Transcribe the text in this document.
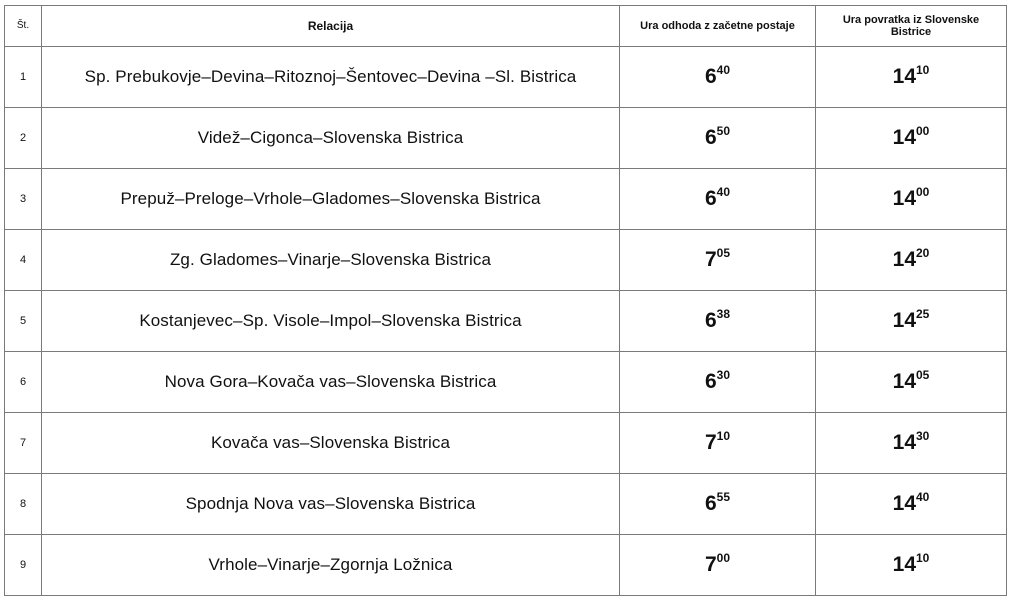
Št.	Relacija	Ura odhoda z začetne postaje	Ura povratka iz Slovenske Bistrice
1	Sp. Prebukovje–Devina–Ritoznoj–Šentovec–Devina –Sl. Bistrica	$6^{40}$	$14^{10}$
2	Videž–Cigonca–Slovenska Bistrica	$6^{50}$	$14^{00}$
3	Prepuž–Preloge–Vrhole–Gladomes–Slovenska Bistrica	$6^{40}$	$14^{00}$
4	Zg. Gladomes–Vinarje–Slovenska Bistrica	$7^{05}$	$14^{20}$
5	Kostanjevec–Sp. Visole–Impol–Slovenska Bistrica	$6^{38}$	$14^{25}$
6	Nova Gora–Kovača vas–Slovenska Bistrica	$6^{30}$	$14^{05}$
7	Kovača vas–Slovenska Bistrica	$7^{10}$	$14^{30}$
8	Spodnja Nova vas–Slovenska Bistrica	$6^{55}$	$14^{40}$
9	Vrhole–Vinarje–Zgornja Ložnica	$7^{00}$	$14^{10}$
